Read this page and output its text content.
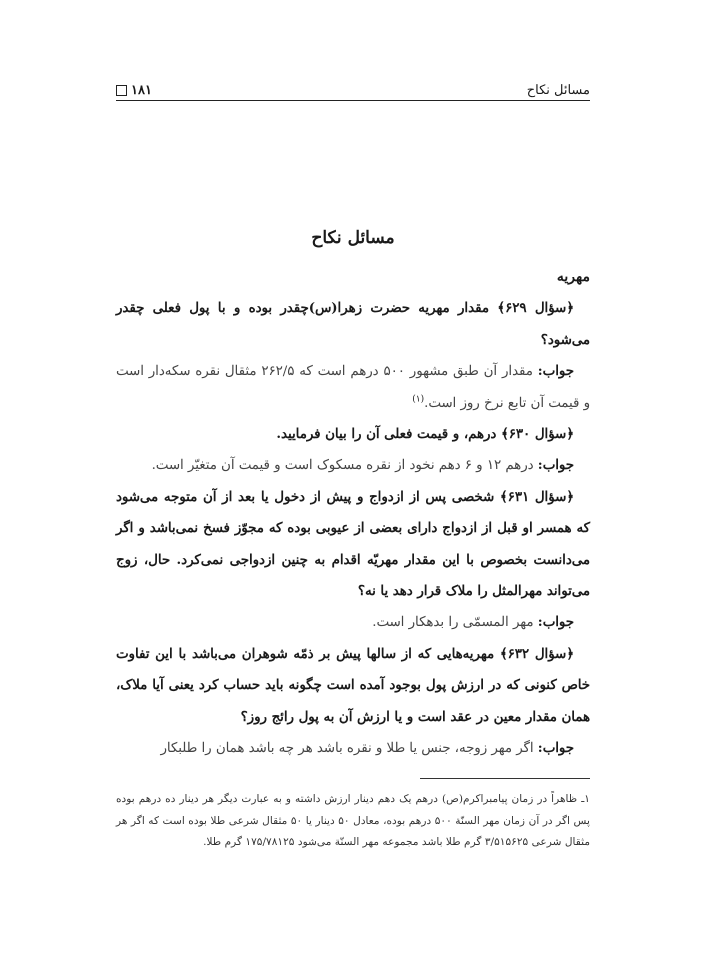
مسائل نکاح
۱۸۱
مسائل نکاح

مهریه

﴿سؤال ۶۲۹﴾ مقدار مهریه حضرت زهرا(س)چقدر بوده و با پول فعلی چقدر می‌شود؟

جواب: مقدار آن طبق مشهور ۵۰۰ درهم است که ۲۶۲/۵ مثقال نقره سکه‌دار است و قیمت آن تابع نرخ روز است.$^{(۱)}$

﴿سؤال ۶۳۰﴾ درهم، و قیمت فعلی آن را بیان فرمایید.

جواب: درهم ۱۲ و ۶ دهم نخود از نقره مسکوک است و قیمت آن متغیّر است.

﴿سؤال ۶۳۱﴾ شخصی پس از ازدواج و پیش از دخول یا بعد از آن متوجه می‌شود که همسر او قبل از ازدواج دارای بعضی از عیوبی بوده که مجوّز فسخ نمی‌باشد و اگر می‌دانست بخصوص با این مقدار مهریّه اقدام به چنین ازدواجی نمی‌کرد. حال، زوج می‌تواند مهرالمثل را ملاک قرار دهد یا نه؟

جواب: مهر المسمّی را بدهکار است.

﴿سؤال ۶۳۲﴾ مهریه‌هایی که از سالها پیش بر ذمّه شوهران می‌باشد با این تفاوت خاص کنونی که در ارزش پول بوجود آمده است چگونه باید حساب کرد یعنی آیا ملاک، همان مقدار معین در عقد است و یا ارزش آن به پول رائج روز؟

جواب: اگر مهر زوجه، جنس یا طلا و نقره باشد هر چه باشد همان را طلبکار

۱ـ ظاهراً در زمان پیامبراکرم(ص) درهم یک دهم دینار ارزش داشته و به عبارت دیگر هر دینار ده درهم بوده پس اگر در آن زمان مهر السنّة ۵۰۰ درهم بوده، معادل ۵۰ دینار یا ۵۰ مثقال شرعی طلا بوده است که اگر هر مثقال شرعی ۳/۵۱۵۶۲۵ گرم طلا باشد مجموعه مهر السنّة می‌شود ۱۷۵/۷۸۱۲۵ گرم طلا.
